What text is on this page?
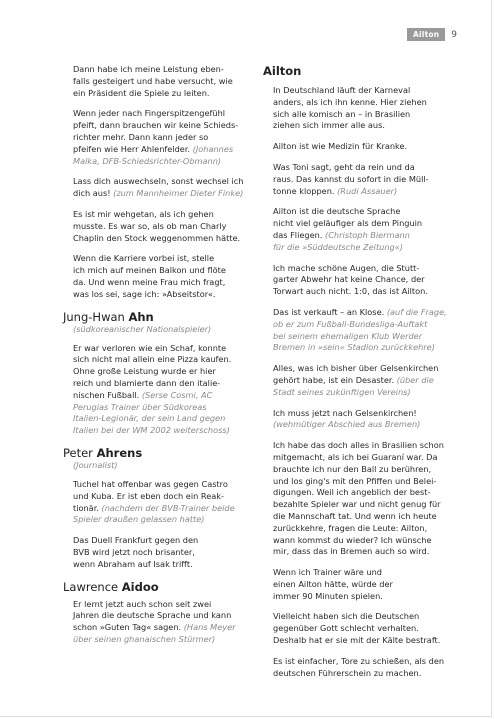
Ailton	9

Dann habe ich meine Leistung eben-
falls gesteigert und habe versucht, wie
ein Präsident die Spiele zu leiten.

Wenn jeder nach Fingerspitzengefühl
pfeift, dann brauchen wir keine Schieds-
richter mehr. Dann kann jeder so
pfeifen wie Herr Ahlenfelder. (Johannes
Malka, DFB-Schiedsrichter-Obmann)

Lass dich auswechseln, sonst wechsel ich
dich aus! (zum Mannheimer Dieter Finke)

Es ist mir wehgetan, als ich gehen
musste. Es war so, als ob man Charly
Chaplin den Stock weggenommen hätte.

Wenn die Karriere vorbei ist, stelle
ich mich auf meinen Balkon und flöte
da. Und wenn meine Frau mich fragt,
was los sei, sage ich: »Abseitstor«.

Jung-Hwan Ahn

(südkoreanischer Nationalspieler)

Er war verloren wie ein Schaf, konnte
sich nicht mal allein eine Pizza kaufen.
Ohne große Leistung wurde er hier
reich und blamierte dann den italie-
nischen Fußball. (Serse Cosmi, AC
Perugias Trainer über Südkoreas
Italien-Legionär, der sein Land gegen
Italien bei der WM 2002 weiterschoss)

Peter Ahrens

(Journalist)

Tuchel hat offenbar was gegen Castro
und Kuba. Er ist eben doch ein Reak-
tionär. (nachdem der BVB-Trainer beide
Spieler draußen gelassen hatte)

Das Duell Frankfurt gegen den
BVB wird jetzt noch brisanter,
wenn Abraham auf Isak trifft.

Lawrence Aidoo

Er lernt jetzt auch schon seit zwei
Jahren die deutsche Sprache und kann
schon »Guten Tag« sagen. (Hans Meyer
über seinen ghanaischen Stürmer)

Ailton

In Deutschland läuft der Karneval
anders, als ich ihn kenne. Hier ziehen
sich alle komisch an – in Brasilien
ziehen sich immer alle aus.

Ailton ist wie Medizin für Kranke.

Was Toni sagt, geht da rein und da
raus. Das kannst du sofort in die Müll-
tonne kloppen. (Rudi Assauer)

Ailton ist die deutsche Sprache
nicht viel geläufiger als dem Pinguin
das Fliegen. (Christoph Biermann
für die »Süddeutsche Zeitung«)

Ich mache schöne Augen, die Stutt-
garter Abwehr hat keine Chance, der
Torwart auch nicht. 1:0, das ist Ailton.

Das ist verkauft – an Klose. (auf die Frage,
ob er zum Fußball-Bundesliga-Auftakt
bei seinem ehemaligen Klub Werder
Bremen in »sein« Stadion zurückkehre)

Alles, was ich bisher über Gelsenkirchen
gehört habe, ist ein Desaster. (über die
Stadt seines zukünftigen Vereins)

Ich muss jetzt nach Gelsenkirchen!
(wehmütiger Abschied aus Bremen)

Ich habe das doch alles in Brasilien schon
mitgemacht, als ich bei Guaraní war. Da
brauchte ich nur den Ball zu berühren,
und los ging's mit den Pfiffen und Belei-
digungen. Weil ich angeblich der best-
bezahlte Spieler war und nicht genug für
die Mannschaft tat. Und wenn ich heute
zurückkehre, fragen die Leute: Ailton,
wann kommst du wieder? Ich wünsche
mir, dass das in Bremen auch so wird.

Wenn ich Trainer wäre und
einen Ailton hätte, würde der
immer 90 Minuten spielen.

Vielleicht haben sich die Deutschen
gegenüber Gott schlecht verhalten.
Deshalb hat er sie mit der Kälte bestraft.

Es ist einfacher, Tore zu schießen, als den
deutschen Führerschein zu machen.
